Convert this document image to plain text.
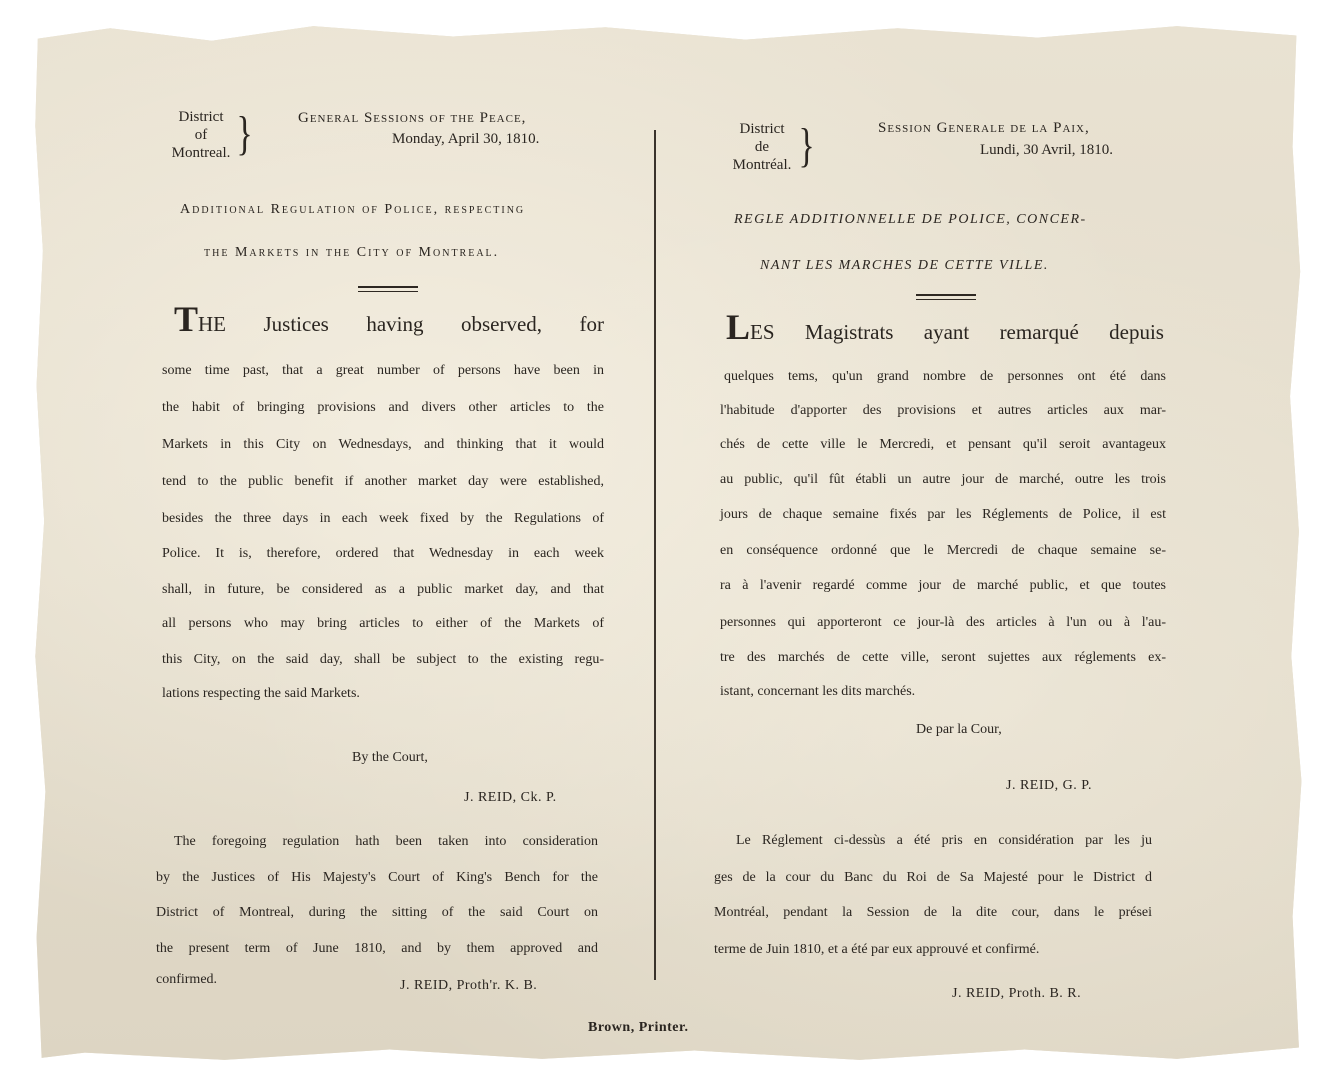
District
of
Montreal. }	General Sessions of the Peace,
Monday, April 30, 1810.
Additional Regulation of Police, respecting
the Markets in the City of Montreal.
THE Justices having observed, for
some time past, that a great number of persons have been in
the habit of bringing provisions and divers other articles to the
Markets in this City on Wednesdays, and thinking that it would
tend to the public benefit if another market day were established,
besides the three days in each week fixed by the Regulations of
Police. It is, therefore, ordered that Wednesday in each week
shall, in future, be considered as a public market day, and that
all persons who may bring articles to either of the Markets of
this City, on the said day, shall be subject to the existing regu-
lations respecting the said Markets.
By the Court,
J. REID, Ck. P.
The foregoing regulation hath been taken into consideration
by the Justices of His Majesty's Court of King's Bench for the
District of Montreal, during the sitting of the said Court on
the present term of June 1810, and by them approved and
confirmed.	J. REID, Proth'r. K. B.
District
de
Montréal. }	Session Generale de la Paix,
Lundi, 30 Avril, 1810.
REGLE ADDITIONNELLE DE POLICE, CONCER-
NANT LES MARCHES DE CETTE VILLE.
LES Magistrats ayant remarqué depuis
quelques tems, qu'un grand nombre de personnes ont été dans
l'habitude d'apporter des provisions et autres articles aux mar-
chés de cette ville le Mercredi, et pensant qu'il seroit avantageux
au public, qu'il fût établi un autre jour de marché, outre les trois
jours de chaque semaine fixés par les Réglements de Police, il est
en conséquence ordonné que le Mercredi de chaque semaine se-
ra à l'avenir regardé comme jour de marché public, et que toutes
personnes qui apporteront ce jour-là des articles à l'un ou à l'au-
tre des marchés de cette ville, seront sujettes aux réglements ex-
istant, concernant les dits marchés.
De par la Cour,
J. REID, G. P.
Le Réglement ci-dessùs a été pris en considération par les ju
ges de la cour du Banc du Roi de Sa Majesté pour le District d
Montréal, pendant la Session de la dite cour, dans le prései
terme de Juin 1810, et a été par eux approuvé et confirmé.
J. REID, Proth. B. R.
Brown, Printer.
